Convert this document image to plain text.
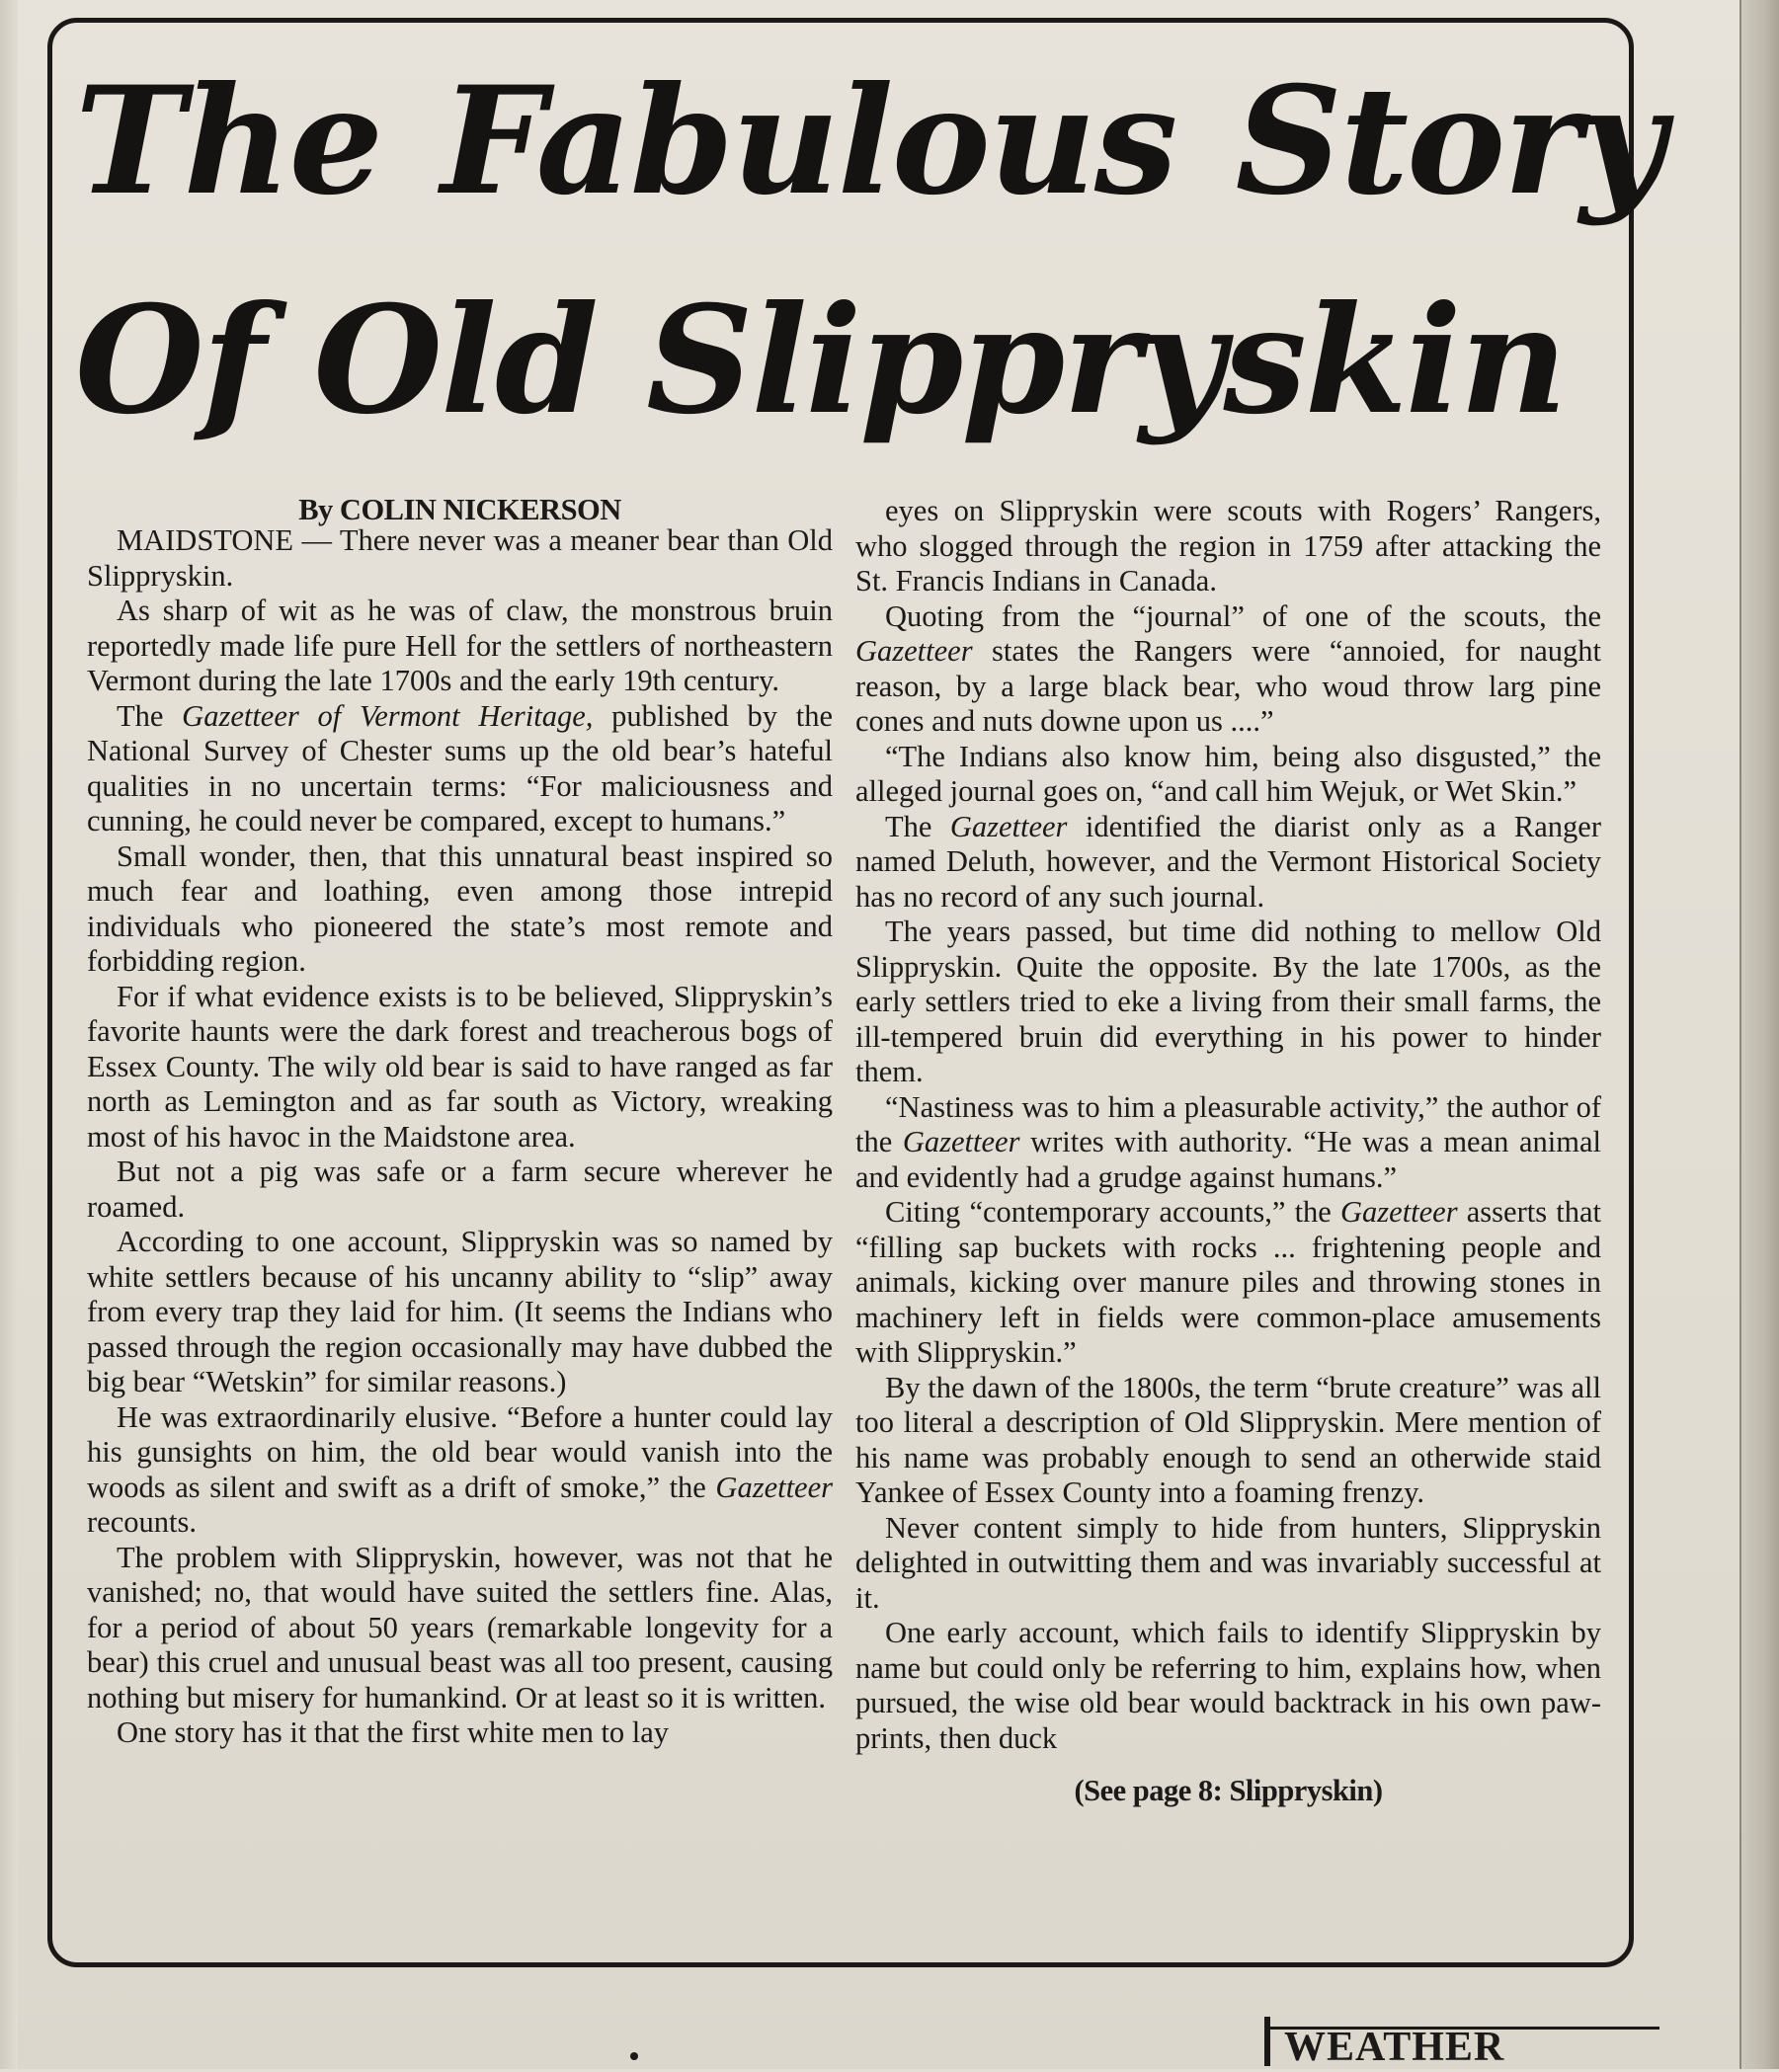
The Fabulous Story
Of Old Slippryskin
By COLIN NICKERSON

MAIDSTONE — There never was a meaner bear than Old Slippryskin.

As sharp of wit as he was of claw, the monstrous bruin reportedly made life pure Hell for the settlers of northeastern Vermont during the late 1700s and the early 19th century.

The Gazetteer of Vermont Heritage, published by the National Survey of Chester sums up the old bear’s hateful qualities in no uncertain terms: “For maliciousness and cunning, he could never be compared, except to humans.”

Small wonder, then, that this unnatural beast inspired so much fear and loathing, even among those intrepid individuals who pioneered the state’s most remote and forbidding region.

For if what evidence exists is to be believed, Slippryskin’s favorite haunts were the dark forest and treacherous bogs of Essex County. The wily old bear is said to have ranged as far north as Lemington and as far south as Victory, wreaking most of his havoc in the Maidstone area.

But not a pig was safe or a farm secure wherever he roamed.

According to one account, Slippryskin was so named by white settlers because of his uncanny ability to “slip” away from every trap they laid for him. (It seems the Indians who passed through the region occasionally may have dubbed the big bear “Wetskin” for similar reasons.)

He was extraordinarily elusive. “Before a hunter could lay his gunsights on him, the old bear would vanish into the woods as silent and swift as a drift of smoke,” the Gazetteer recounts.

The problem with Slippryskin, however, was not that he vanished; no, that would have suited the settlers fine. Alas, for a period of about 50 years (remarkable longevity for a bear) this cruel and unusual beast was all too present, causing nothing but misery for humankind. Or at least so it is written.

One story has it that the first white men to lay

eyes on Slippryskin were scouts with Rogers’ Rangers, who slogged through the region in 1759 after attacking the St. Francis Indians in Canada.

Quoting from the “journal” of one of the scouts, the Gazetteer states the Rangers were “annoied, for naught reason, by a large black bear, who woud throw larg pine cones and nuts downe upon us ....”

“The Indians also know him, being also disgusted,” the alleged journal goes on, “and call him Wejuk, or Wet Skin.”

The Gazetteer identified the diarist only as a Ranger named Deluth, however, and the Vermont Historical Society has no record of any such journal.

The years passed, but time did nothing to mellow Old Slippryskin. Quite the opposite. By the late 1700s, as the early settlers tried to eke a living from their small farms, the ill-tempered bruin did everything in his power to hinder them.

“Nastiness was to him a pleasurable activity,” the author of the Gazetteer writes with authority. “He was a mean animal and evidently had a grudge against humans.”

Citing “contemporary accounts,” the Gazetteer asserts that “filling sap buckets with rocks ... frightening people and animals, kicking over manure piles and throwing stones in machinery left in fields were common-place amusements with Slippryskin.”

By the dawn of the 1800s, the term “brute creature” was all too literal a description of Old Slippryskin. Mere mention of his name was probably enough to send an otherwide staid Yankee of Essex County into a foaming frenzy.

Never content simply to hide from hunters, Slippryskin delighted in outwitting them and was invariably successful at it.

One early account, which fails to identify Slippryskin by name but could only be referring to him, explains how, when pursued, the wise old bear would backtrack in his own paw-prints, then duck

(See page 8: Slippryskin)
WEATHER
